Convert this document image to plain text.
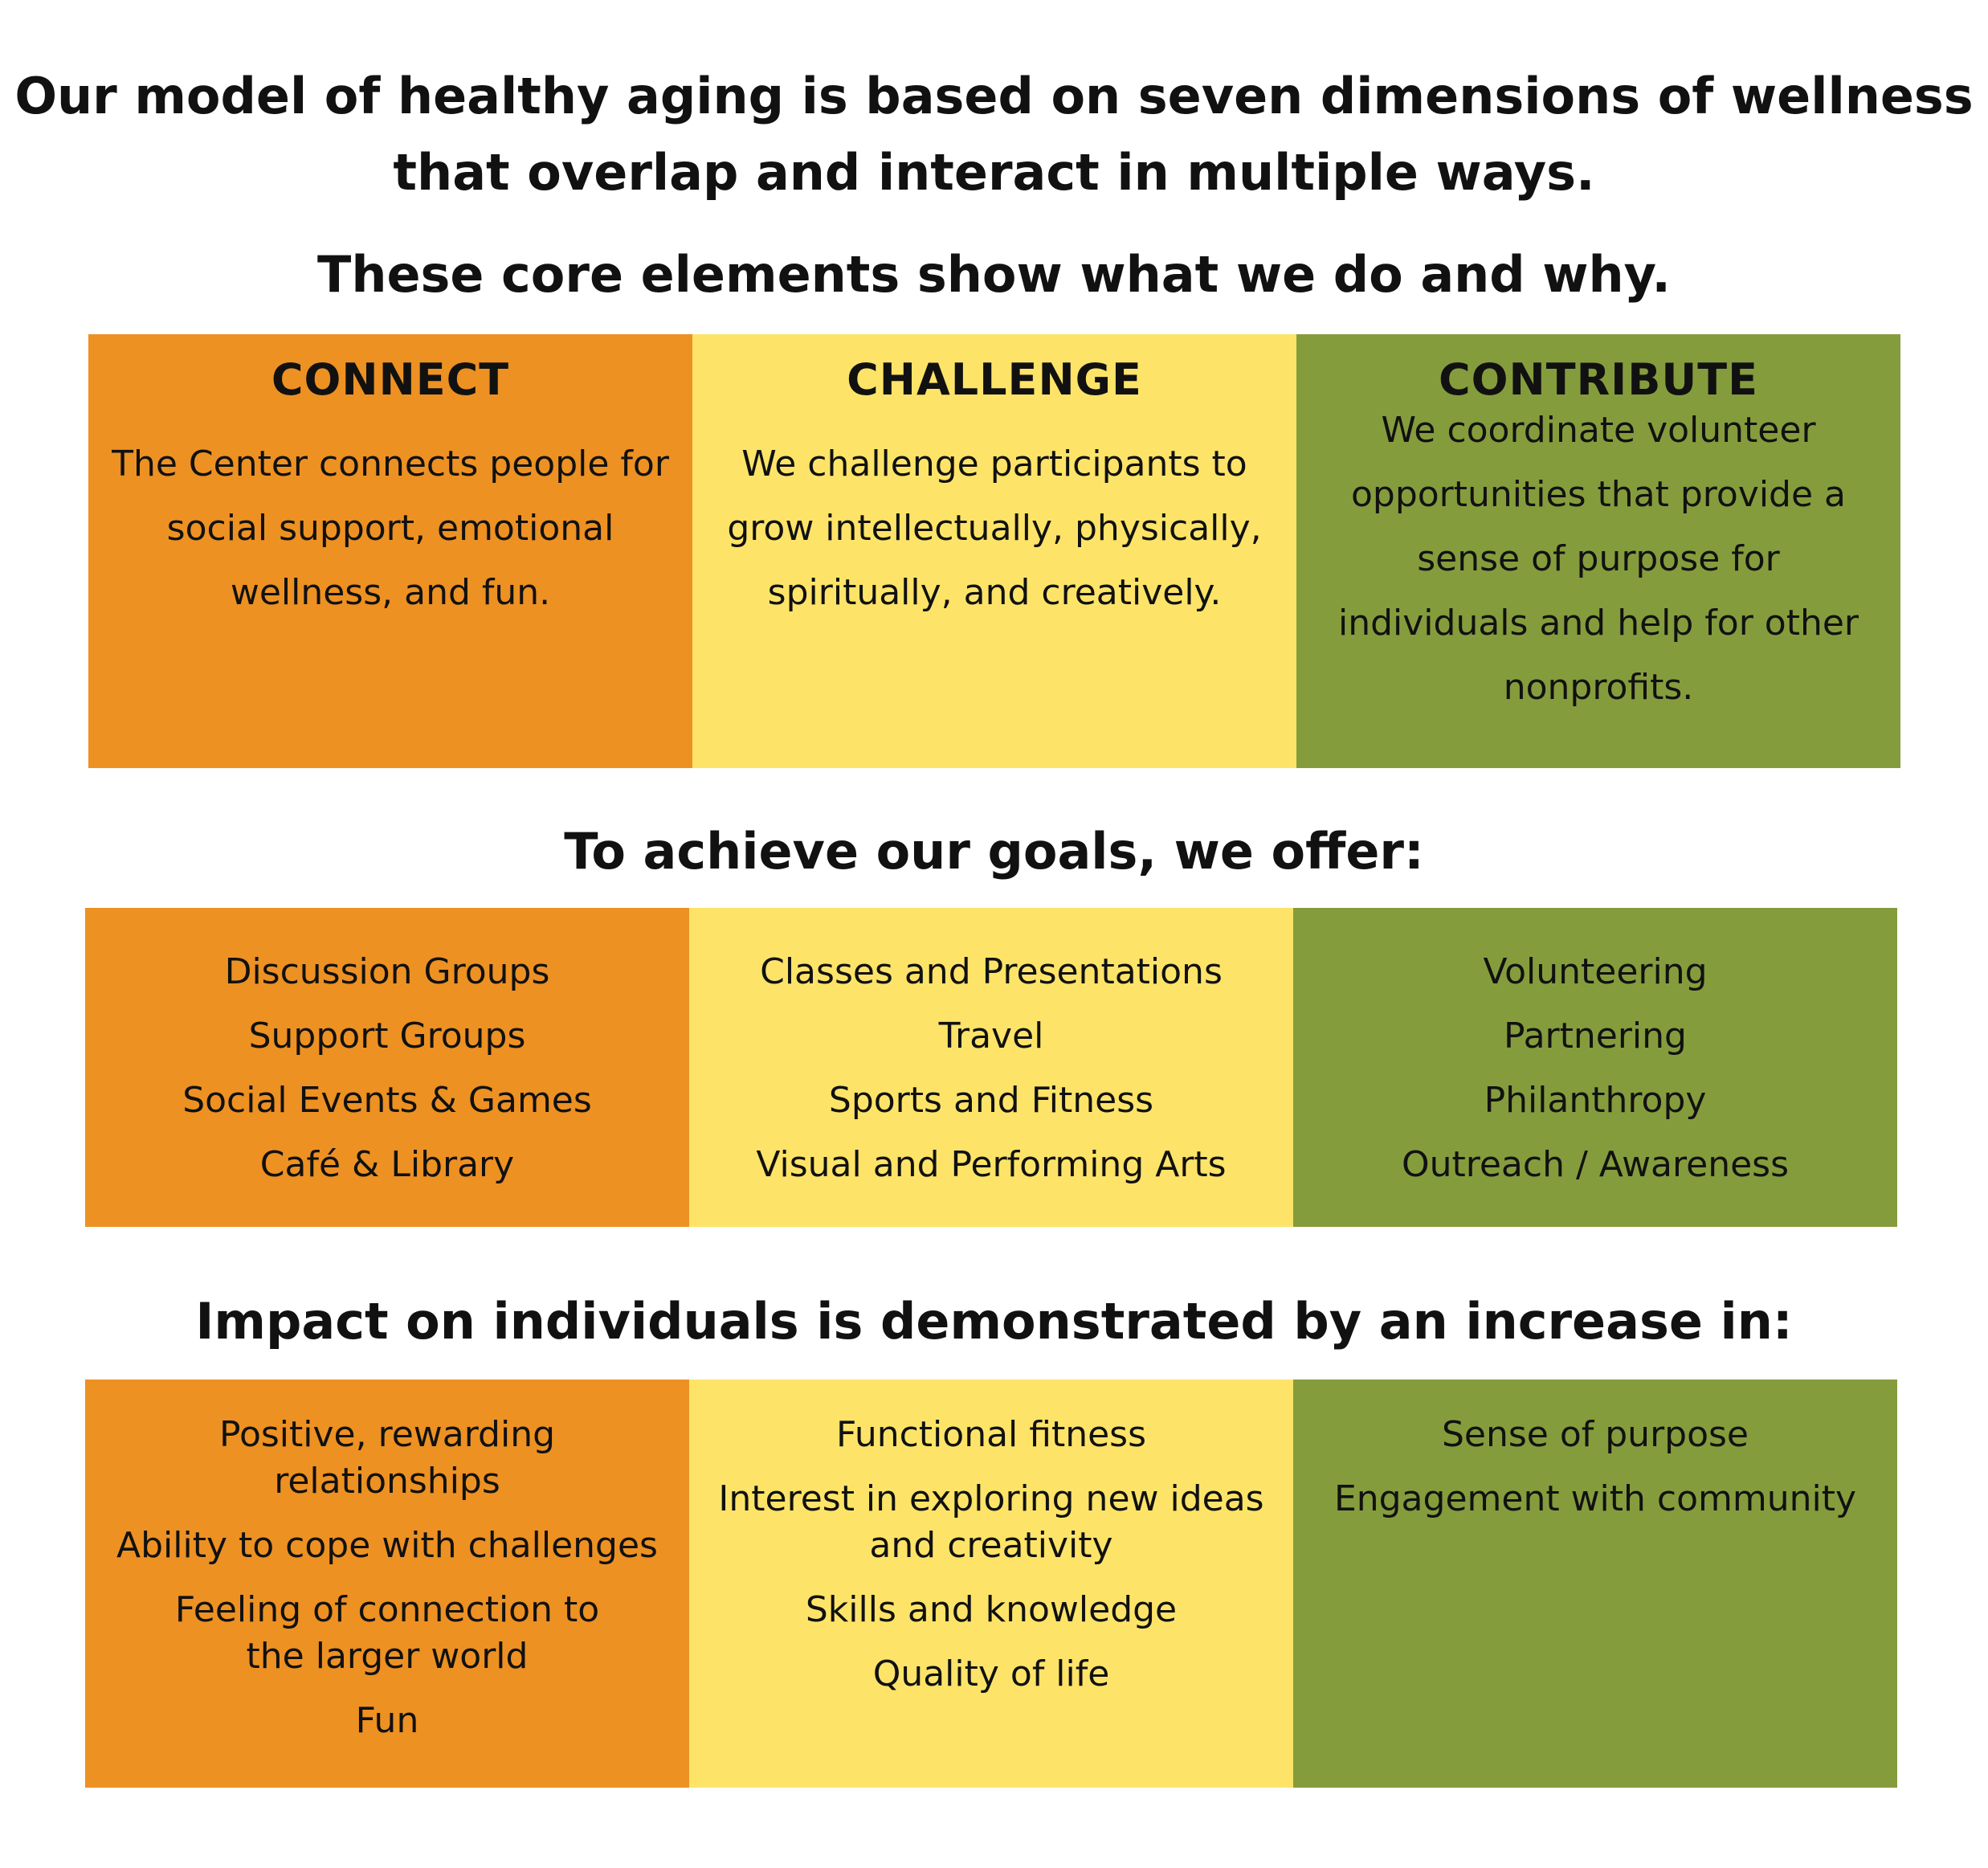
Our model of healthy aging is based on seven dimensions of wellness that overlap and interact in multiple ways.
These core elements show what we do and why.
CONNECT
The Center connects people for social support, emotional wellness, and fun.
CHALLENGE
We challenge participants to grow intellectually, physically, spiritually, and creatively.
CONTRIBUTE
We coordinate volunteer opportunities that provide a sense of purpose for individuals and help for other nonprofits.
To achieve our goals, we offer:
Discussion Groups
Support Groups
Social Events & Games
Café & Library
Classes and Presentations
Travel
Sports and Fitness
Visual and Performing Arts
Volunteering
Partnering
Philanthropy
Outreach / Awareness
Impact on individuals is demonstrated by an increase in:
Positive, rewarding relationships
Ability to cope with challenges
Feeling of connection to the larger world
Fun
Functional fitness
Interest in exploring new ideas and creativity
Skills and knowledge
Quality of life
Sense of purpose
Engagement with community
